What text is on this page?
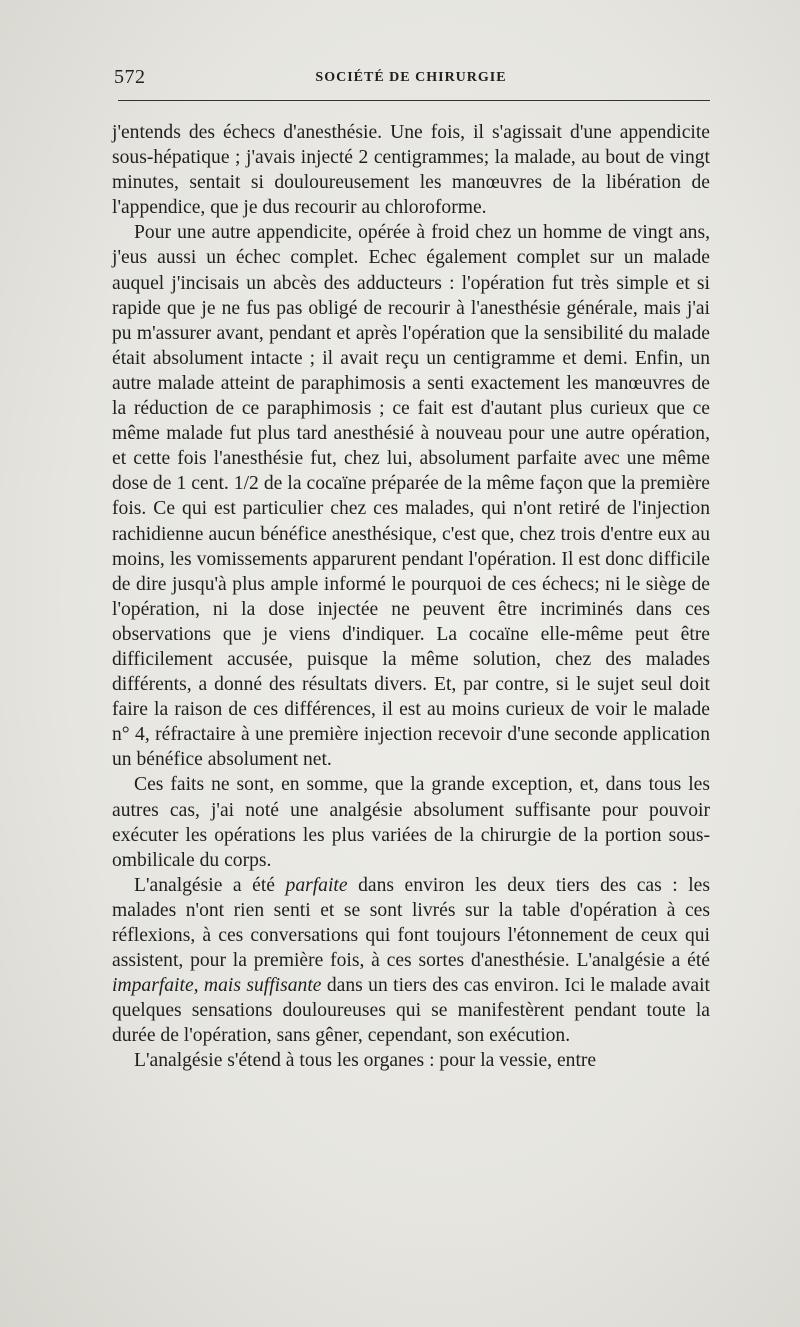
572	SOCIÉTÉ DE CHIRURGIE

j'entends des échecs d'anesthésie. Une fois, il s'agissait d'une appendicite sous-hépatique ; j'avais injecté 2 centigrammes; la malade, au bout de vingt minutes, sentait si douloureusement les manœuvres de la libération de l'appendice, que je dus recourir au chloroforme.

Pour une autre appendicite, opérée à froid chez un homme de vingt ans, j'eus aussi un échec complet. Echec également complet sur un malade auquel j'incisais un abcès des adducteurs : l'opération fut très simple et si rapide que je ne fus pas obligé de recourir à l'anesthésie générale, mais j'ai pu m'assurer avant, pendant et après l'opération que la sensibilité du malade était absolument intacte ; il avait reçu un centigramme et demi. Enfin, un autre malade atteint de paraphimosis a senti exactement les manœuvres de la réduction de ce paraphimosis ; ce fait est d'autant plus curieux que ce même malade fut plus tard anesthésié à nouveau pour une autre opération, et cette fois l'anesthésie fut, chez lui, absolument parfaite avec une même dose de 1 cent. 1/2 de la cocaïne préparée de la même façon que la première fois. Ce qui est particulier chez ces malades, qui n'ont retiré de l'injection rachidienne aucun bénéfice anesthésique, c'est que, chez trois d'entre eux au moins, les vomissements apparurent pendant l'opération. Il est donc difficile de dire jusqu'à plus ample informé le pourquoi de ces échecs; ni le siège de l'opération, ni la dose injectée ne peuvent être incriminés dans ces observations que je viens d'indiquer. La cocaïne elle-même peut être difficilement accusée, puisque la même solution, chez des malades différents, a donné des résultats divers. Et, par contre, si le sujet seul doit faire la raison de ces différences, il est au moins curieux de voir le malade n° 4, réfractaire à une première injection recevoir d'une seconde application un bénéfice absolument net.

Ces faits ne sont, en somme, que la grande exception, et, dans tous les autres cas, j'ai noté une analgésie absolument suffisante pour pouvoir exécuter les opérations les plus variées de la chirurgie de la portion sous-ombilicale du corps.

L'analgésie a été parfaite dans environ les deux tiers des cas : les malades n'ont rien senti et se sont livrés sur la table d'opération à ces réflexions, à ces conversations qui font toujours l'étonnement de ceux qui assistent, pour la première fois, à ces sortes d'anesthésie. L'analgésie a été imparfaite, mais suffisante dans un tiers des cas environ. Ici le malade avait quelques sensations douloureuses qui se manifestèrent pendant toute la durée de l'opération, sans gêner, cependant, son exécution.

L'analgésie s'étend à tous les organes : pour la vessie, entre
